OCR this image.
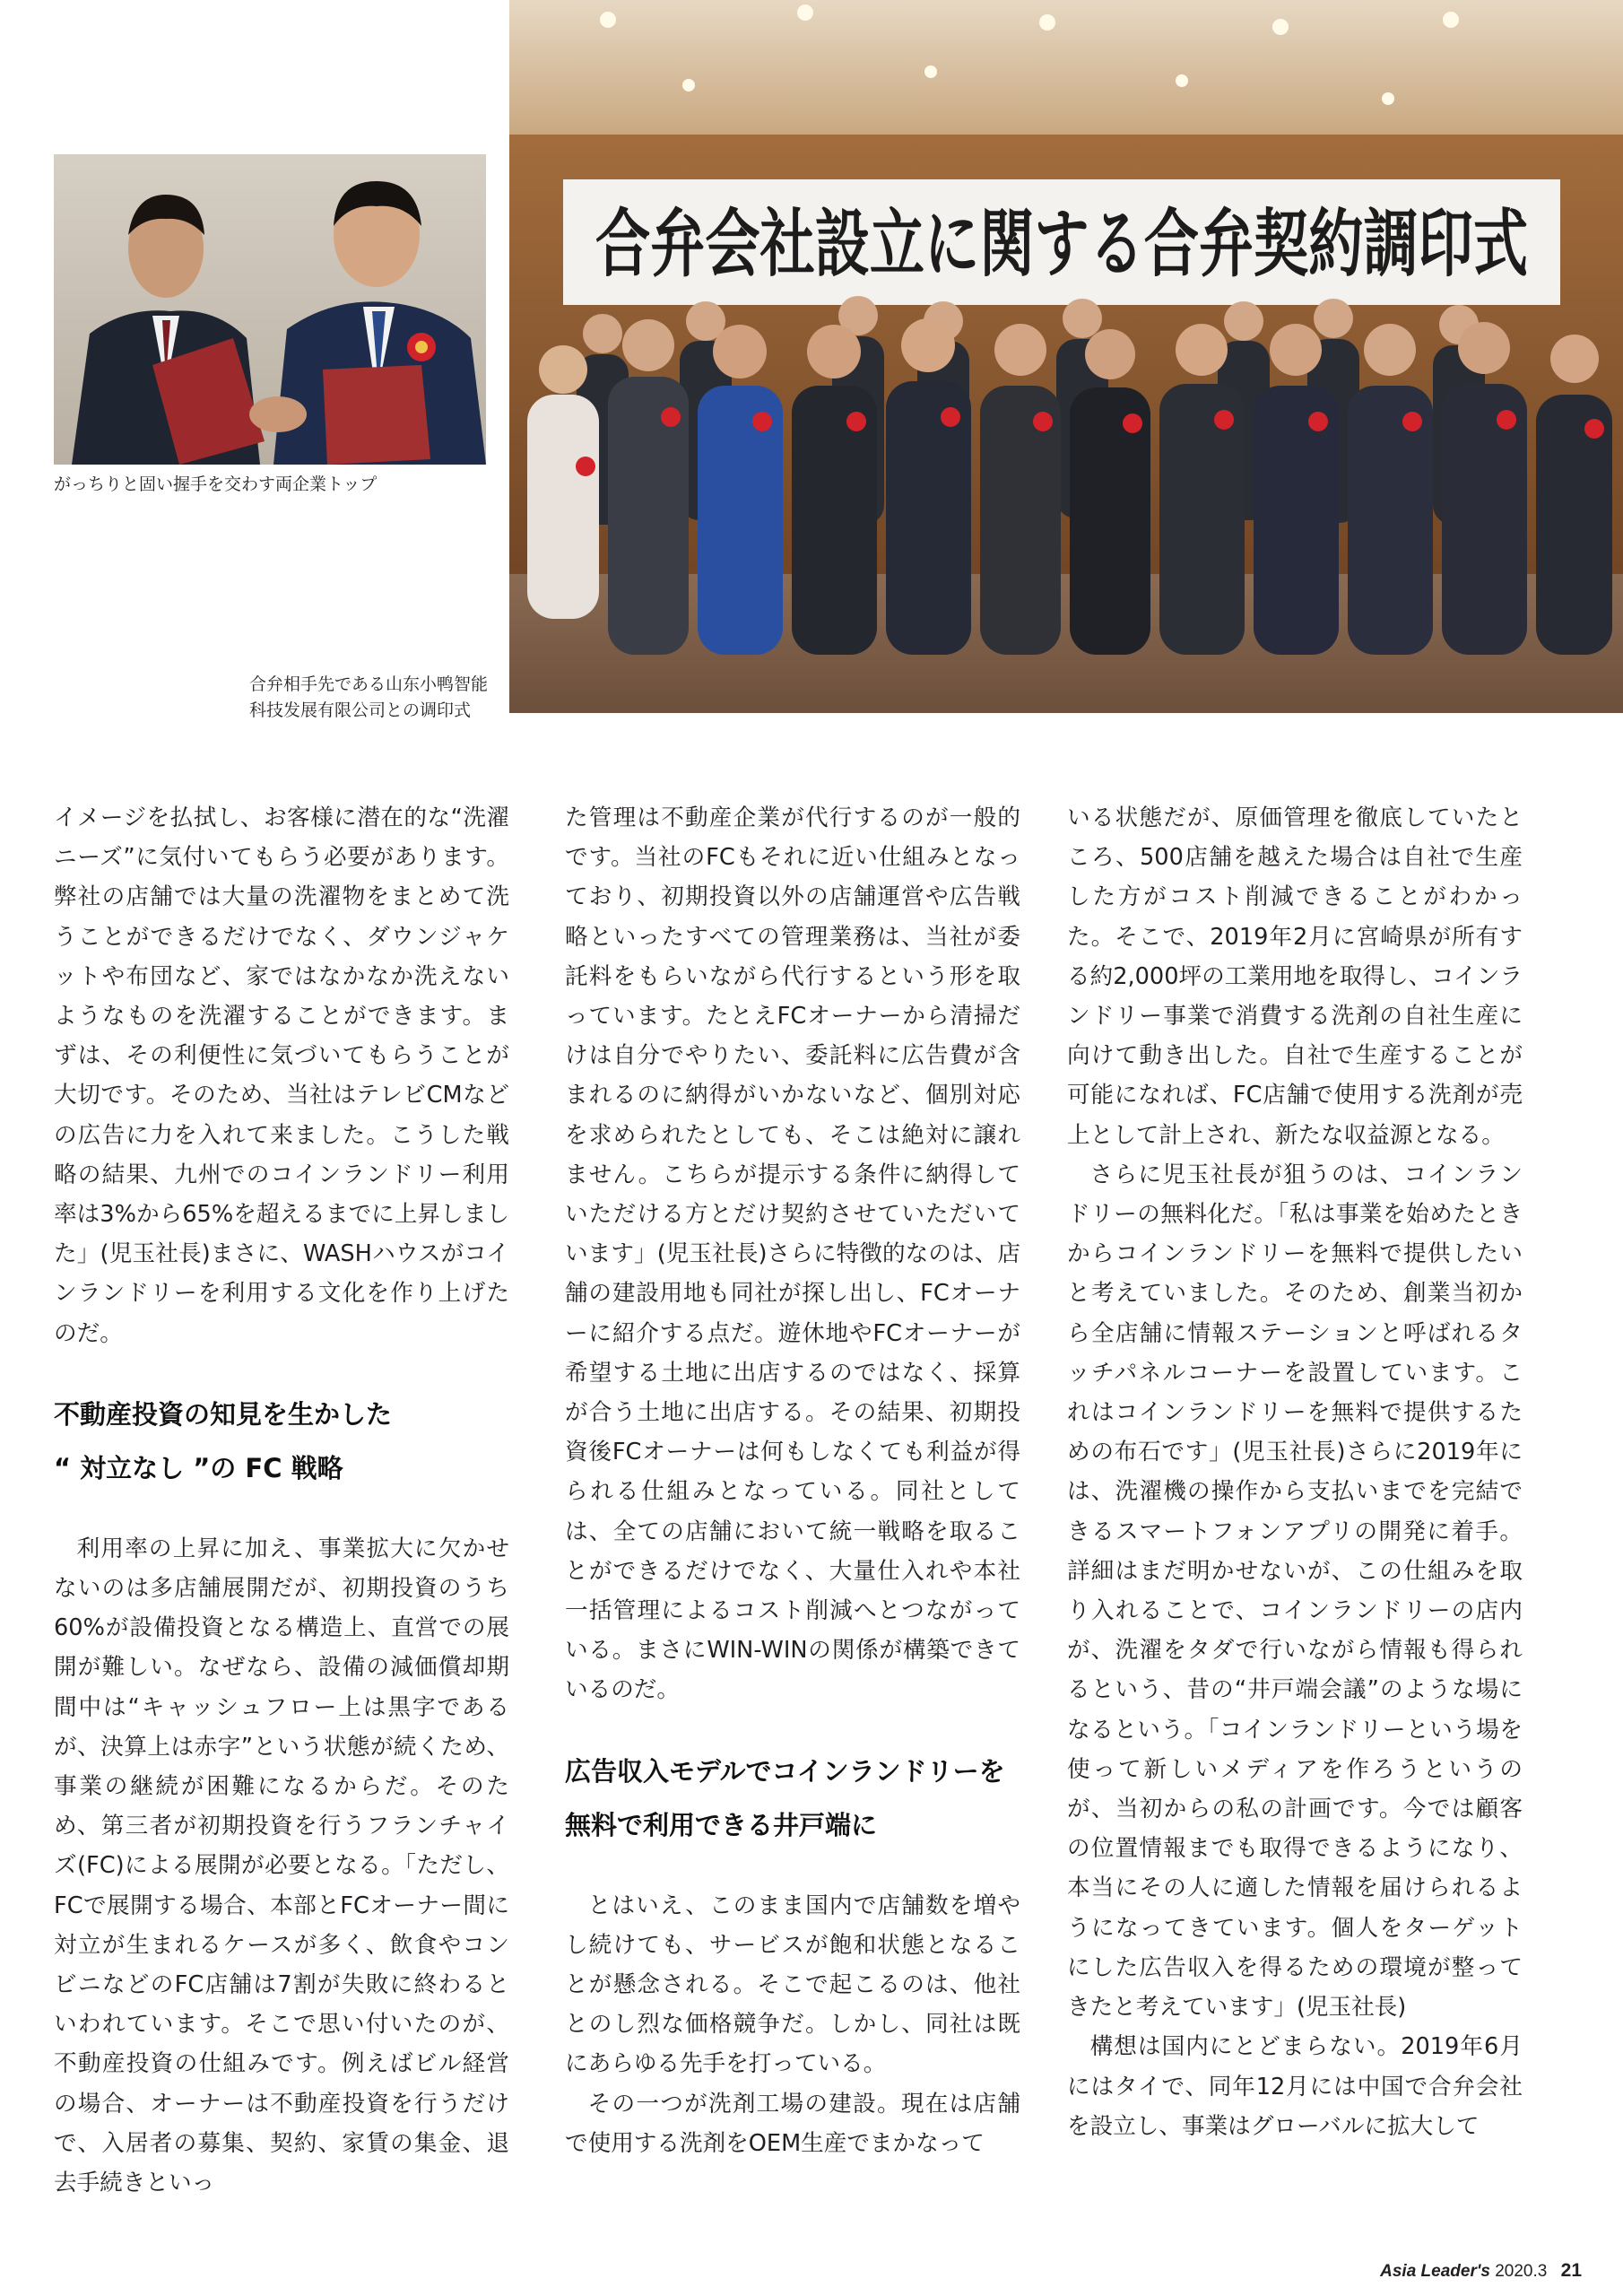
がっちりと固い握手を交わす両企業トップ
合弁会社設立に関する合弁契約調印式
合弁相手先である山东小鸭智能
科技发展有限公司との调印式

イメージを払拭し、お客様に潜在的な“洗濯ニーズ”に気付いてもらう必要があります。弊社の店舗では大量の洗濯物をまとめて洗うことができるだけでなく、ダウンジャケットや布団など、家ではなかなか洗えないようなものを洗濯することができます。まずは、その利便性に気づいてもらうことが大切です。そのため、当社はテレビCMなどの広告に力を入れて来ました。こうした戦略の結果、九州でのコインランドリー利用率は3%から65%を超えるまでに上昇しました」(児玉社長)まさに、WASHハウスがコインランドリーを利用する文化を作り上げたのだ。

不動産投資の知見を生かした
“ 対立なし ”の FC 戦略

利用率の上昇に加え、事業拡大に欠かせないのは多店舗展開だが、初期投資のうち60%が設備投資となる構造上、直営での展開が難しい。なぜなら、設備の減価償却期間中は“キャッシュフロー上は黒字であるが、決算上は赤字”という状態が続くため、事業の継続が困難になるからだ。そのため、第三者が初期投資を行うフランチャイズ(FC)による展開が必要となる。「ただし、FCで展開する場合、本部とFCオーナー間に対立が生まれるケースが多く、飲食やコンビニなどのFC店舗は7割が失敗に終わるといわれています。そこで思い付いたのが、不動産投資の仕組みです。例えばビル経営の場合、オーナーは不動産投資を行うだけで、入居者の募集、契約、家賃の集金、退去手続きといっ

た管理は不動産企業が代行するのが一般的です。当社のFCもそれに近い仕組みとなっており、初期投資以外の店舗運営や広告戦略といったすべての管理業務は、当社が委託料をもらいながら代行するという形を取っています。たとえFCオーナーから清掃だけは自分でやりたい、委託料に広告費が含まれるのに納得がいかないなど、個別対応を求められたとしても、そこは絶対に譲れません。こちらが提示する条件に納得していただける方とだけ契約させていただいています」(児玉社長)さらに特徴的なのは、店舗の建設用地も同社が探し出し、FCオーナーに紹介する点だ。遊休地やFCオーナーが希望する土地に出店するのではなく、採算が合う土地に出店する。その結果、初期投資後FCオーナーは何もしなくても利益が得られる仕組みとなっている。同社としては、全ての店舗において統一戦略を取ることができるだけでなく、大量仕入れや本社一括管理によるコスト削減へとつながっている。まさにWIN-WINの関係が構築できているのだ。

広告収入モデルでコインランドリーを
無料で利用できる井戸端に

とはいえ、このまま国内で店舗数を増やし続けても、サービスが飽和状態となることが懸念される。そこで起こるのは、他社とのし烈な価格競争だ。しかし、同社は既にあらゆる先手を打っている。

その一つが洗剤工場の建設。現在は店舗で使用する洗剤をOEM生産でまかなって

いる状態だが、原価管理を徹底していたところ、500店舗を越えた場合は自社で生産した方がコスト削減できることがわかった。そこで、2019年2月に宮崎県が所有する約2,000坪の工業用地を取得し、コインランドリー事業で消費する洗剤の自社生産に向けて動き出した。自社で生産することが可能になれば、FC店舗で使用する洗剤が売上として計上され、新たな収益源となる。

さらに児玉社長が狙うのは、コインランドリーの無料化だ。「私は事業を始めたときからコインランドリーを無料で提供したいと考えていました。そのため、創業当初から全店舗に情報ステーションと呼ばれるタッチパネルコーナーを設置しています。これはコインランドリーを無料で提供するための布石です」(児玉社長)さらに2019年には、洗濯機の操作から支払いまでを完結できるスマートフォンアプリの開発に着手。詳細はまだ明かせないが、この仕組みを取り入れることで、コインランドリーの店内が、洗濯をタダで行いながら情報も得られるという、昔の“井戸端会議”のような場になるという。「コインランドリーという場を使って新しいメディアを作ろうというのが、当初からの私の計画です。今では顧客の位置情報までも取得できるようになり、本当にその人に適した情報を届けられるようになってきています。個人をターゲットにした広告収入を得るための環境が整ってきたと考えています」(児玉社長)

構想は国内にとどまらない。2019年6月にはタイで、同年12月には中国で合弁会社を設立し、事業はグローバルに拡大して

Asia Leader's 2020.3 21
